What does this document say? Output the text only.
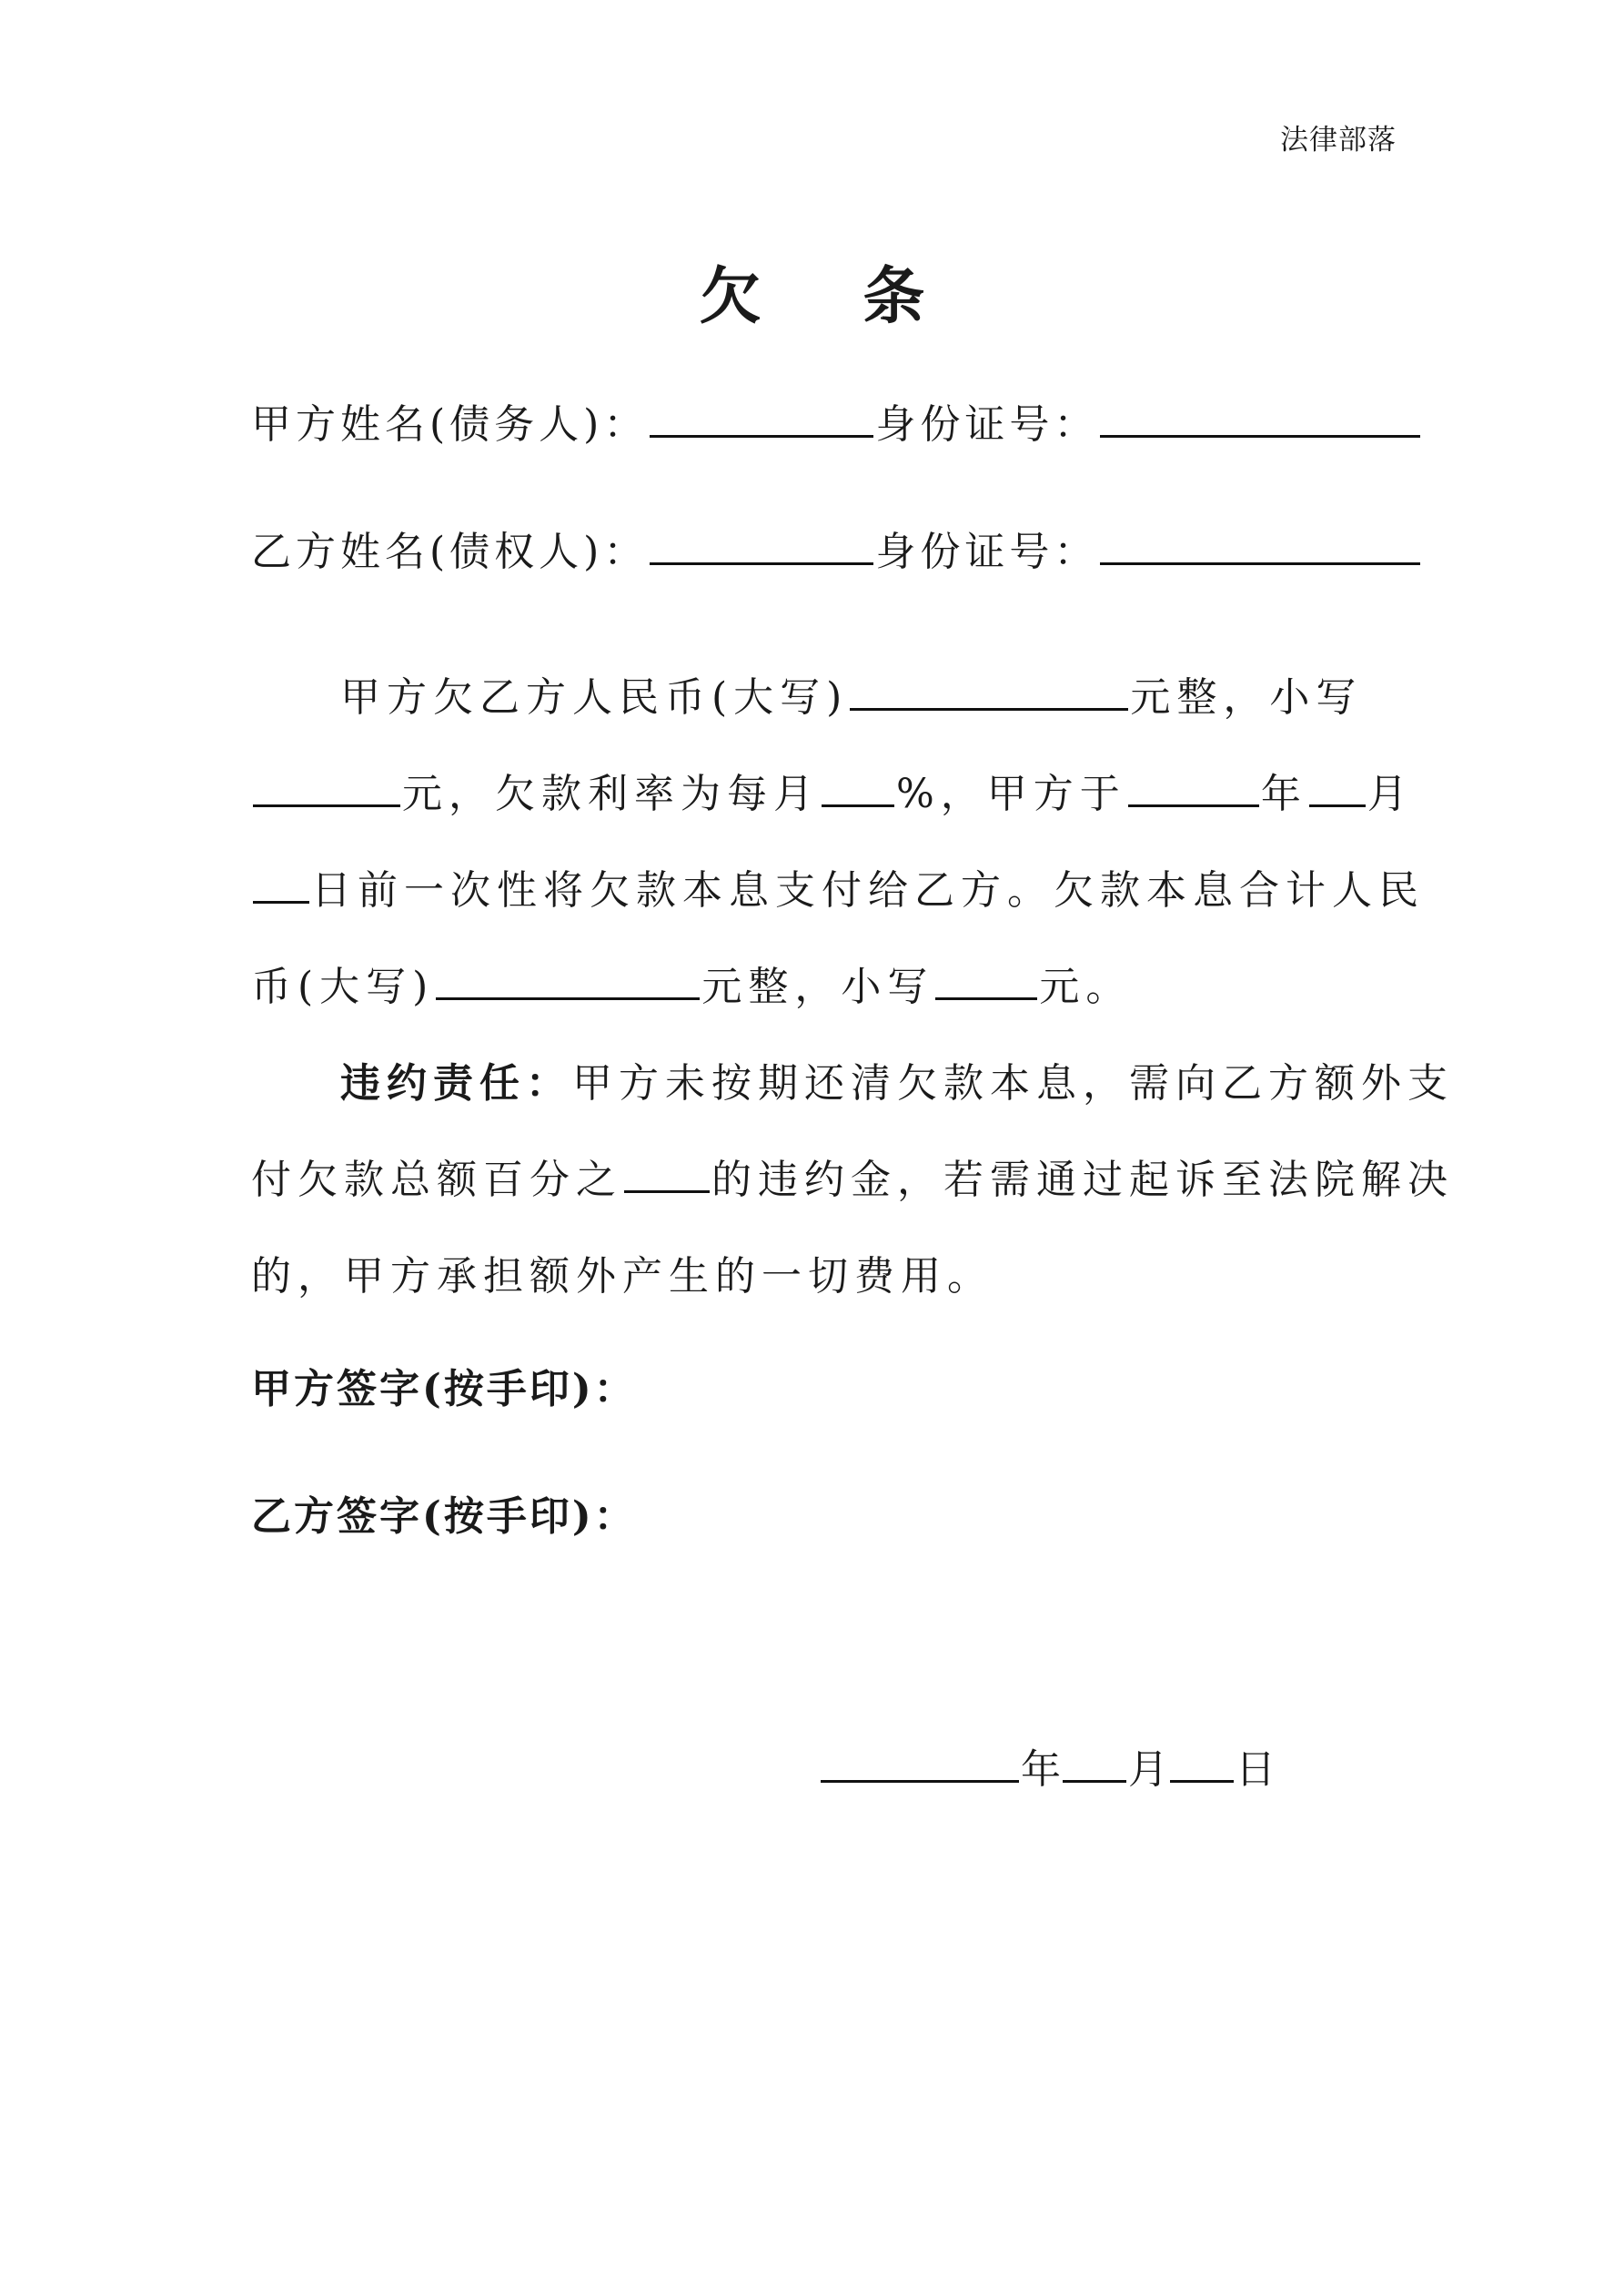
法律部落
欠 条
甲方姓名(债务人)：	身份证号：
乙方姓名(债权人)：	身份证号：
甲方欠乙方人民币(大写)	元整，小写
元，欠款利率为每月 %，甲方于	年 月
日前一次性将欠款本息支付给乙方。欠款本息合计人民
币(大写)	元整，小写	元。
违约责任：甲方未按期还清欠款本息，需向乙方额外支
付欠款总额百分之 的违约金，若需通过起诉至法院解决
的，甲方承担额外产生的一切费用。
甲方签字(按手印)：
乙方签字(按手印)：
年 月 日
